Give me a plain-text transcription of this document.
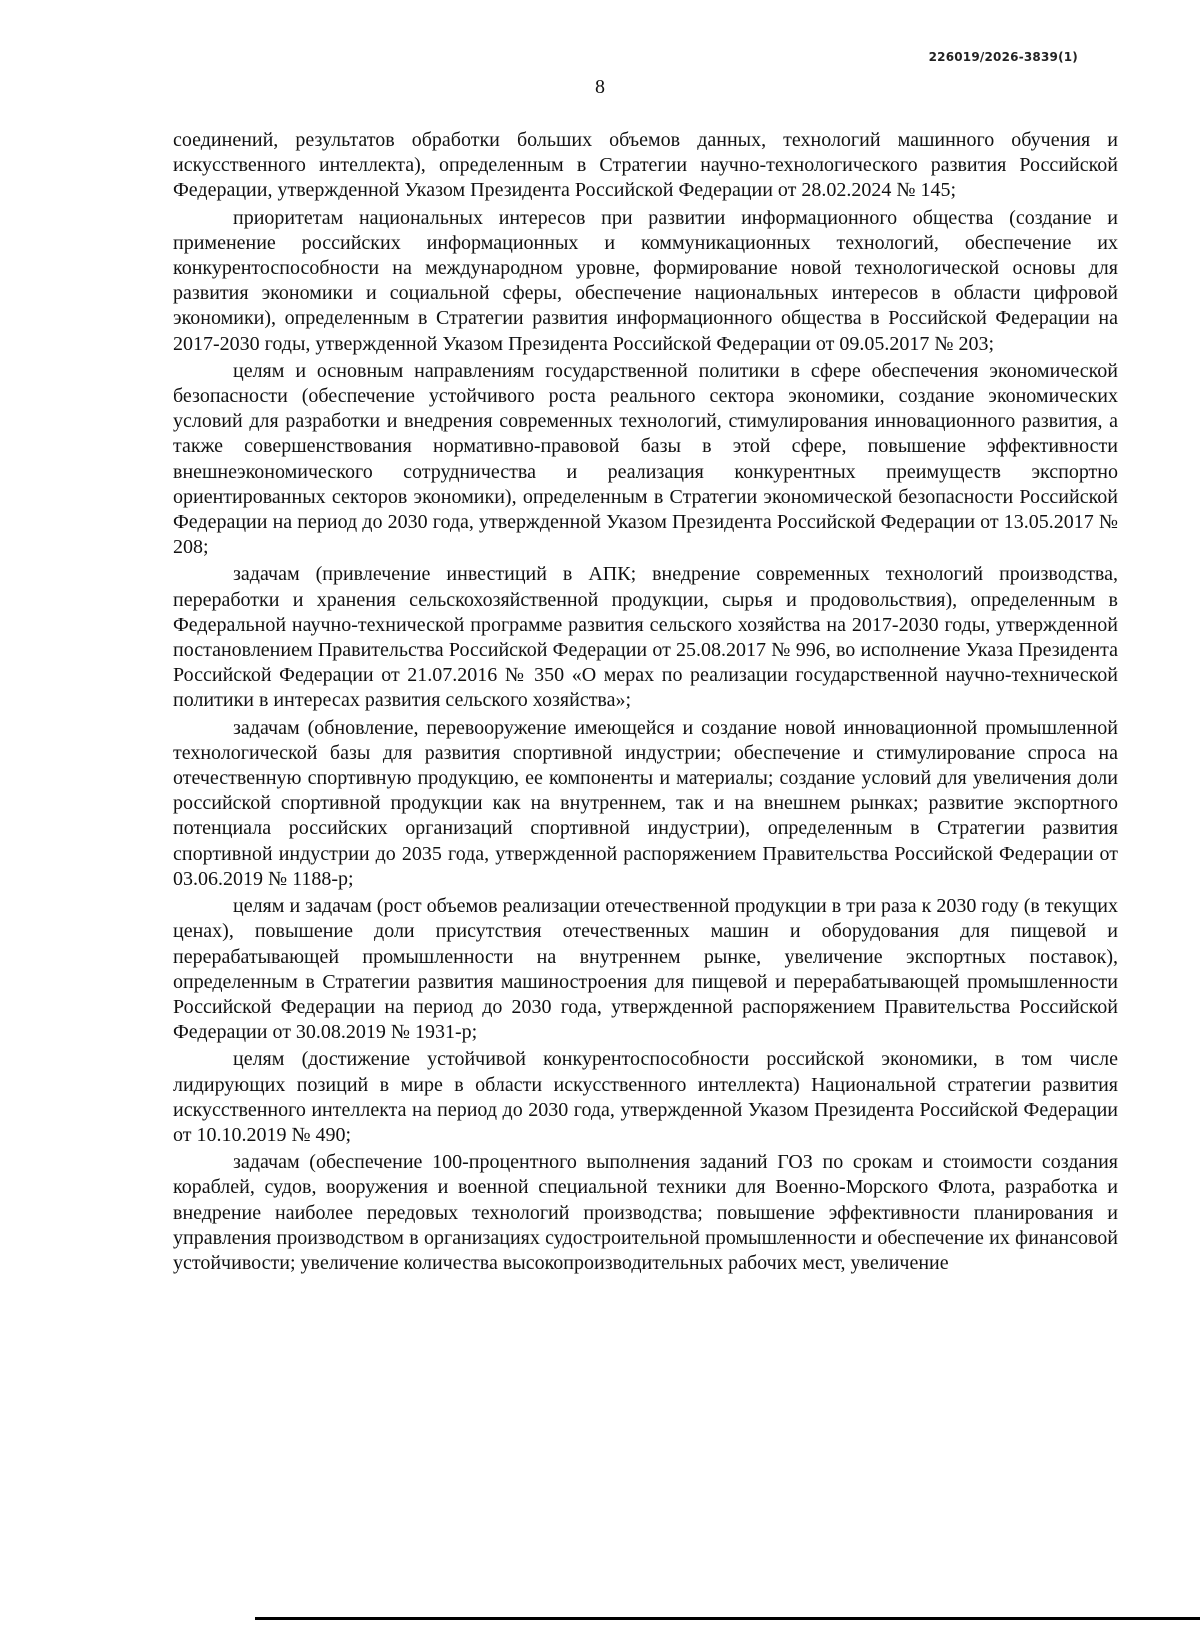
226019/2026-3839(1)
8

соединений, результатов обработки больших объемов данных, технологий машинного обучения и искусственного интеллекта), определенным в Стратегии научно-технологического развития Российской Федерации, утвержденной Указом Президента Российской Федерации от 28.02.2024 № 145;

приоритетам национальных интересов при развитии информационного общества (создание и применение российских информационных и коммуникационных технологий, обеспечение их конкурентоспособности на международном уровне, формирование новой технологической основы для развития экономики и социальной сферы, обеспечение национальных интересов в области цифровой экономики), определенным в Стратегии развития информационного общества в Российской Федерации на 2017-2030 годы, утвержденной Указом Президента Российской Федерации от 09.05.2017 № 203;

целям и основным направлениям государственной политики в сфере обеспечения экономической безопасности (обеспечение устойчивого роста реального сектора экономики, создание экономических условий для разработки и внедрения современных технологий, стимулирования инновационного развития, а также совершенствования нормативно-правовой базы в этой сфере, повышение эффективности внешнеэкономического сотрудничества и реализация конкурентных преимуществ экспортно ориентированных секторов экономики), определенным в Стратегии экономической безопасности Российской Федерации на период до 2030 года, утвержденной Указом Президента Российской Федерации от 13.05.2017 № 208;

задачам (привлечение инвестиций в АПК; внедрение современных технологий производства, переработки и хранения сельскохозяйственной продукции, сырья и продовольствия), определенным в Федеральной научно-технической программе развития сельского хозяйства на 2017-2030 годы, утвержденной постановлением Правительства Российской Федерации от 25.08.2017 № 996, во исполнение Указа Президента Российской Федерации от 21.07.2016 № 350 «О мерах по реализации государственной научно-технической политики в интересах развития сельского хозяйства»;

задачам (обновление, перевооружение имеющейся и создание новой инновационной промышленной технологической базы для развития спортивной индустрии; обеспечение и стимулирование спроса на отечественную спортивную продукцию, ее компоненты и материалы; создание условий для увеличения доли российской спортивной продукции как на внутреннем, так и на внешнем рынках; развитие экспортного потенциала российских организаций спортивной индустрии), определенным в Стратегии развития спортивной индустрии до 2035 года, утвержденной распоряжением Правительства Российской Федерации от 03.06.2019 № 1188-р;

целям и задачам (рост объемов реализации отечественной продукции в три раза к 2030 году (в текущих ценах), повышение доли присутствия отечественных машин и оборудования для пищевой и перерабатывающей промышленности на внутреннем рынке, увеличение экспортных поставок), определенным в Стратегии развития машиностроения для пищевой и перерабатывающей промышленности Российской Федерации на период до 2030 года, утвержденной распоряжением Правительства Российской Федерации от 30.08.2019 № 1931-р;

целям (достижение устойчивой конкурентоспособности российской экономики, в том числе лидирующих позиций в мире в области искусственного интеллекта) Национальной стратегии развития искусственного интеллекта на период до 2030 года, утвержденной Указом Президента Российской Федерации от 10.10.2019 № 490;

задачам (обеспечение 100-процентного выполнения заданий ГОЗ по срокам и стоимости создания кораблей, судов, вооружения и военной специальной техники для Военно-Морского Флота, разработка и внедрение наиболее передовых технологий производства; повышение эффективности планирования и управления производством в организациях судостроительной промышленности и обеспечение их финансовой устойчивости; увеличение количества высокопроизводительных рабочих мест, увеличение
